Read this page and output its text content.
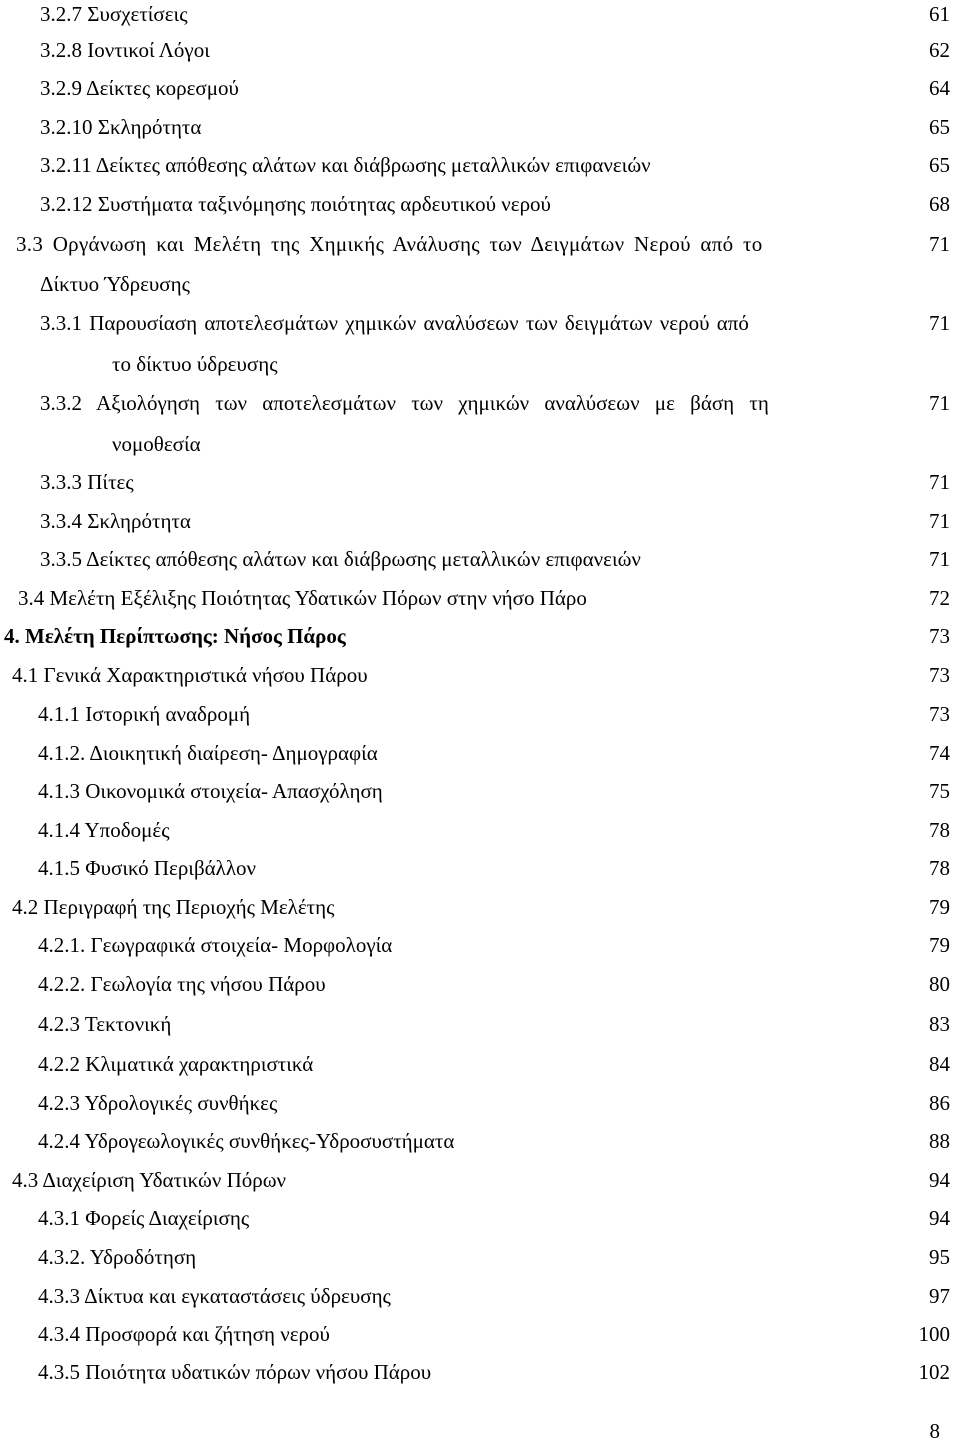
3.2.7 Συσχετίσεις	61
3.2.8 Ιοντικοί Λόγοι	62
3.2.9 Δείκτες κορεσμού	64
3.2.10 Σκληρότητα	65
3.2.11 Δείκτες απόθεσης αλάτων και διάβρωσης μεταλλικών επιφανειών	65
3.2.12 Συστήματα ταξινόμησης ποιότητας αρδευτικού νερού	68
3.3 Οργάνωση και Μελέτη της Χημικής Ανάλυσης των Δειγμάτων Νερού από το	71
Δίκτυο Ύδρευσης
3.3.1 Παρουσίαση αποτελεσμάτων χημικών αναλύσεων των δειγμάτων νερού από	71
το δίκτυο ύδρευσης
3.3.2 Αξιολόγηση των αποτελεσμάτων των χημικών αναλύσεων με βάση τη	71
νομοθεσία
3.3.3 Πίτες	71
3.3.4 Σκληρότητα	71
3.3.5 Δείκτες απόθεσης αλάτων και διάβρωσης μεταλλικών επιφανειών	71
3.4 Μελέτη Εξέλιξης Ποιότητας Υδατικών Πόρων στην νήσο Πάρο	72
4. Μελέτη Περίπτωσης: Νήσος Πάρος	73
4.1 Γενικά Χαρακτηριστικά νήσου Πάρου	73
4.1.1 Ιστορική αναδρομή	73
4.1.2. Διοικητική διαίρεση- Δημογραφία	74
4.1.3 Οικονομικά στοιχεία- Απασχόληση	75
4.1.4 Υποδομές	78
4.1.5 Φυσικό Περιβάλλον	78
4.2 Περιγραφή της Περιοχής Μελέτης	79
4.2.1. Γεωγραφικά στοιχεία- Μορφολογία	79
4.2.2. Γεωλογία της νήσου Πάρου	80
4.2.3 Τεκτονική	83
4.2.2 Κλιματικά χαρακτηριστικά	84
4.2.3 Υδρολογικές συνθήκες	86
4.2.4 Υδρογεωλογικές συνθήκες-Υδροσυστήματα	88
4.3 Διαχείριση Υδατικών Πόρων	94
4.3.1 Φορείς Διαχείρισης	94
4.3.2. Υδροδότηση	95
4.3.3 Δίκτυα και εγκαταστάσεις ύδρευσης	97
4.3.4 Προσφορά και ζήτηση νερού	100
4.3.5 Ποιότητα υδατικών πόρων νήσου Πάρου	102
8
